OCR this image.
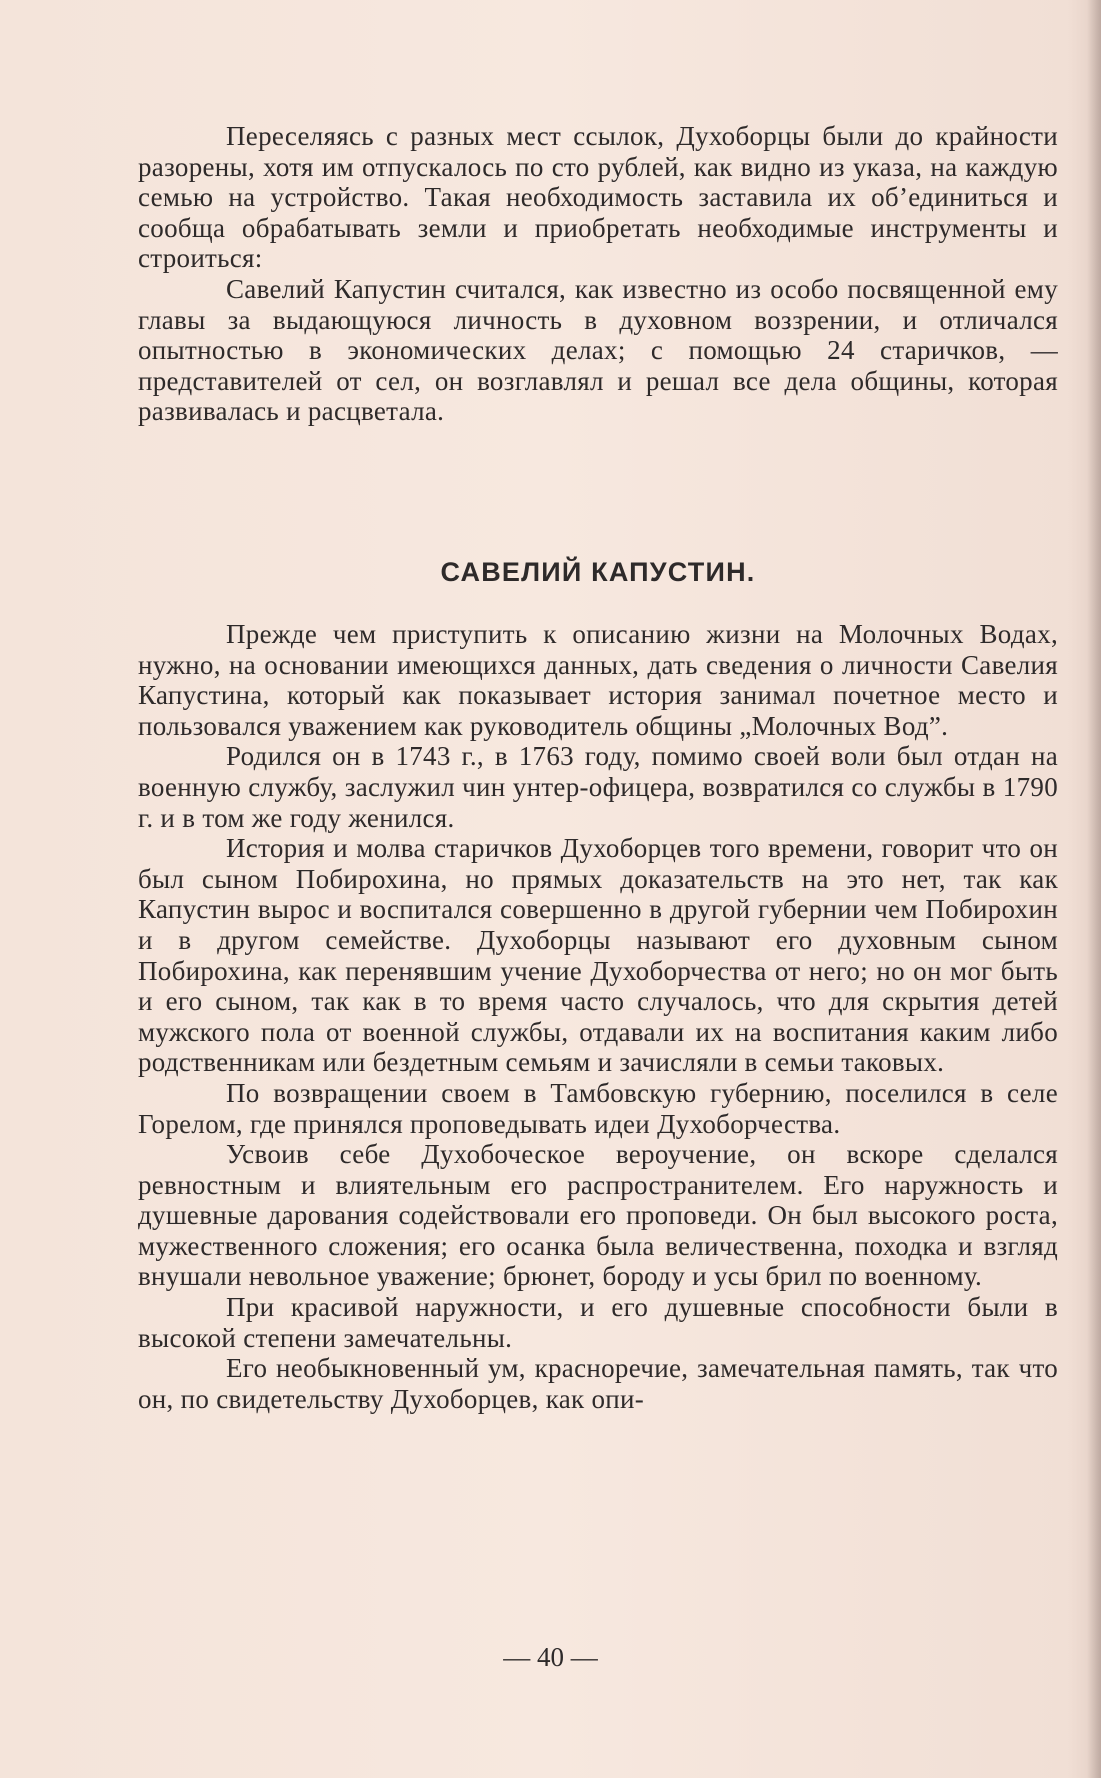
Переселяясь с разных мест ссылок, Духоборцы были до крайности разорены, хотя им отпускалось по сто рублей, как видно из указа, на каждую семью на устройство. Такая необходимость заставила их об’единиться и сообща обрабатывать земли и приобретать необходимые инструменты и строиться:

Савелий Капустин считался, как известно из особо посвященной ему главы за выдающуюся личность в духовном воззрении, и отличался опытностью в экономических делах; с помощью 24 старичков, — представителей от сел, он возглавлял и решал все дела общины, которая развивалась и расцветала.

САВЕЛИЙ КАПУСТИН.

Прежде чем приступить к описанию жизни на Молочных Водах, нужно, на основании имеющихся данных, дать сведения о личности Савелия Капустина, который как показывает история занимал почетное место и пользовался уважением как руководитель общины „Молочных Вод”.

Родился он в 1743 г., в 1763 году, помимо своей воли был отдан на военную службу, заслужил чин унтер-офицера, возвратился со службы в 1790 г. и в том же году женился.

История и молва старичков Духоборцев того времени, говорит что он был сыном Побирохина, но прямых доказательств на это нет, так как Капустин вырос и воспитался совершенно в другой губернии чем Побирохин и в другом семействе. Духоборцы называют его духовным сыном Побирохина, как перенявшим учение Духоборчества от него; но он мог быть и его сыном, так как в то время часто случалось, что для скрытия детей мужского пола от военной службы, отдавали их на воспитания каким либо родственникам или бездетным семьям и зачисляли в семьи таковых.

По возвращении своем в Тамбовскую губернию, поселился в селе Горелом, где принялся проповедывать идеи Духоборчества.

Усвоив себе Духобоческое вероучение, он вскоре сделался ревностным и влиятельным его распространителем. Его наружность и душевные дарования содействовали его проповеди. Он был высокого роста, мужественного сложения; его осанка была величественна, походка и взгляд внушали невольное уважение; брюнет, бороду и усы брил по военному.

При красивой наружности, и его душевные способности были в высокой степени замечательны.

Его необыкновенный ум, красноречие, замечательная память, так что он, по свидетельству Духоборцев, как опи-

— 40 —
